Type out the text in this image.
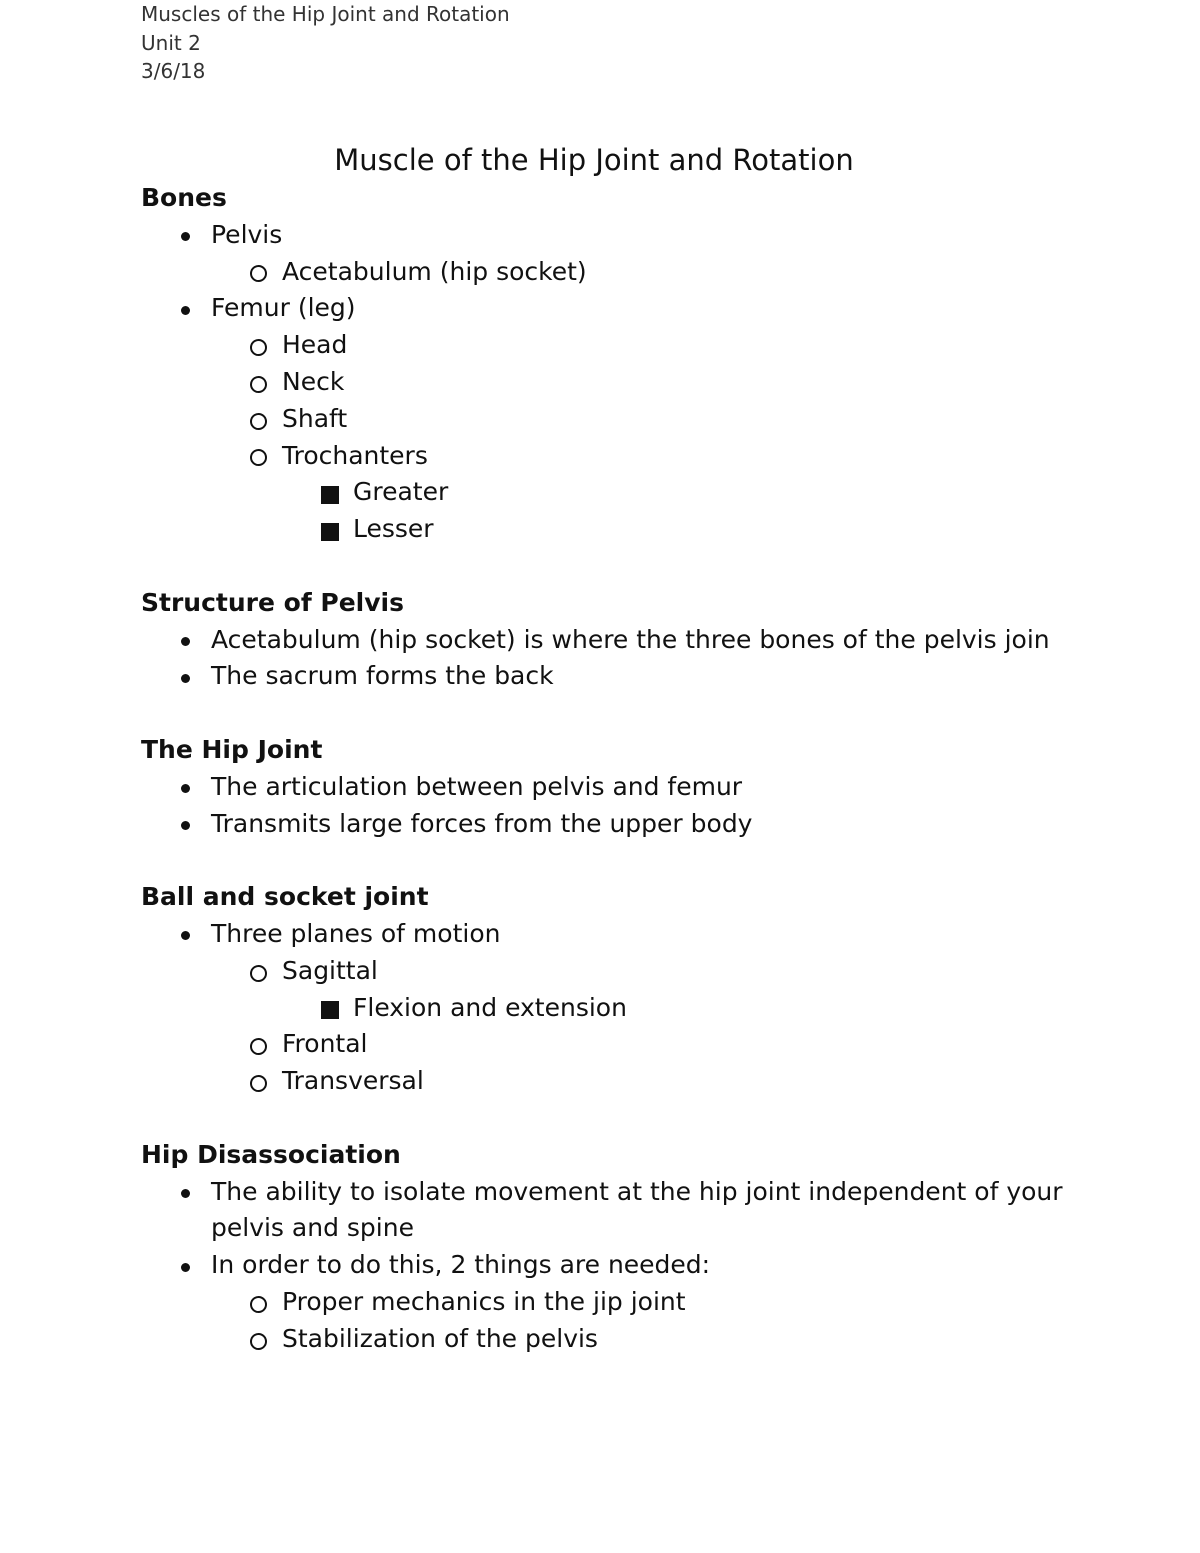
Muscles of the Hip Joint and Rotation
Unit 2
3/6/18
Muscle of the Hip Joint and Rotation
Bones
Pelvis
Acetabulum (hip socket)
Femur (leg)
Head
Neck
Shaft
Trochanters
Greater
Lesser
Structure of Pelvis
Acetabulum (hip socket) is where the three bones of the pelvis join
The sacrum forms the back
The Hip Joint
The articulation between pelvis and femur
Transmits large forces from the upper body
Ball and socket joint
Three planes of motion
Sagittal
Flexion and extension
Frontal
Transversal
Hip Disassociation
The ability to isolate movement at the hip joint independent of your pelvis and spine
In order to do this, 2 things are needed:
Proper mechanics in the jip joint
Stabilization of the pelvis
